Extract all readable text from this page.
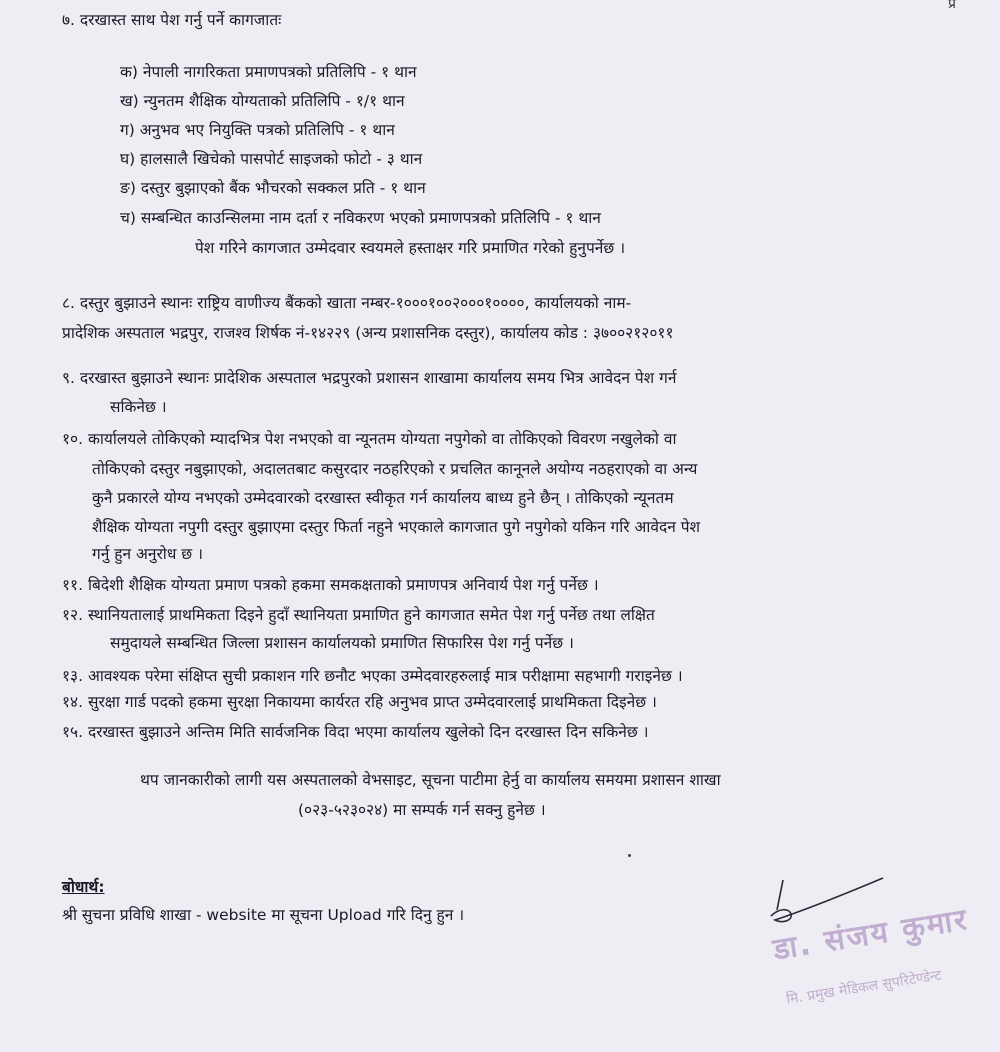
प्र
७. दरखास्त साथ पेश गर्नु पर्ने कागजातः
क) नेपाली नागरिकता प्रमाणपत्रको प्रतिलिपि - १ थान
ख) न्युनतम शैक्षिक योग्यताको प्रतिलिपि - १/१ थान
ग) अनुभव भए नियुक्ति पत्रको प्रतिलिपि - १ थान
घ) हालसालै खिचेको पासपोर्ट साइजको फोटो - ३ थान
ङ) दस्तुर बुझाएको बैंक भौचरको सक्कल प्रति - १ थान
च) सम्बन्धित काउन्सिलमा नाम दर्ता र नविकरण भएको प्रमाणपत्रको प्रतिलिपि - १ थान
पेश गरिने कागजात उम्मेदवार स्वयमले हस्ताक्षर गरि प्रमाणित गरेको हुनुपर्नेछ ।
८. दस्तुर बुझाउने स्थानः राष्ट्रिय वाणीज्य बैंकको खाता नम्बर-१०००१००२०००१००००, कार्यालयको नाम-
प्रादेशिक अस्पताल भद्रपुर, राजश्व शिर्षक नं-१४२२९ (अन्य प्रशासनिक दस्तुर), कार्यालय कोड : ३७००२१२०११
९. दरखास्त बुझाउने स्थानः प्रादेशिक अस्पताल भद्रपुरको प्रशासन शाखामा कार्यालय समय भित्र आवेदन पेश गर्न
सकिनेछ ।
१०. कार्यालयले तोकिएको म्यादभित्र पेश नभएको वा न्यूनतम योग्यता नपुगेको वा तोकिएको विवरण नखुलेको वा
तोकिएको दस्तुर नबुझाएको, अदालतबाट कसुरदार नठहरिएको र प्रचलित कानूनले अयोग्य नठहराएको वा अन्य
कुनै प्रकारले योग्य नभएको उम्मेदवारको दरखास्त स्वीकृत गर्न कार्यालय बाध्य हुने छैन् । तोकिएको न्यूनतम
शैक्षिक योग्यता नपुगी दस्तुर बुझाएमा दस्तुर फिर्ता नहुने भएकाले कागजात पुगे नपुगेको यकिन गरि आवेदन पेश
गर्नु हुन अनुरोध छ ।
११. बिदेशी शैक्षिक योग्यता प्रमाण पत्रको हकमा समकक्षताको प्रमाणपत्र अनिवार्य पेश गर्नु पर्नेछ ।
१२. स्थानियतालाई प्राथमिकता दिइने हुदाँ स्थानियता प्रमाणित हुने कागजात समेत पेश गर्नु पर्नेछ तथा लक्षित
समुदायले सम्बन्धित जिल्ला प्रशासन कार्यालयको प्रमाणित सिफारिस पेश गर्नु पर्नेछ ।
१३. आवश्यक परेमा संक्षिप्त सुची प्रकाशन गरि छनौट भएका उम्मेदवारहरुलाई मात्र परीक्षामा सहभागी गराइनेछ ।
१४. सुरक्षा गार्ड पदको हकमा सुरक्षा निकायमा कार्यरत रहि अनुभव प्राप्त उम्मेदवारलाई प्राथमिकता दिइनेछ ।
१५. दरखास्त बुझाउने अन्तिम मिति सार्वजनिक विदा भएमा कार्यालय खुलेको दिन दरखास्त दिन सकिनेछ ।
थप जानकारीको लागी यस अस्पतालको वेभसाइट, सूचना पाटीमा हेर्नु वा कार्यालय समयमा प्रशासन शाखा
(०२३-५२३०२४) मा सम्पर्क गर्न सक्नु हुनेछ ।
बोधार्थ:
श्री सुचना प्रविधि शाखा - website मा सूचना Upload गरि दिनु हुन ।	डा. संजय कुमार
मि. प्रमुख मेडिकल सुपरिटेण्डेन्ट
